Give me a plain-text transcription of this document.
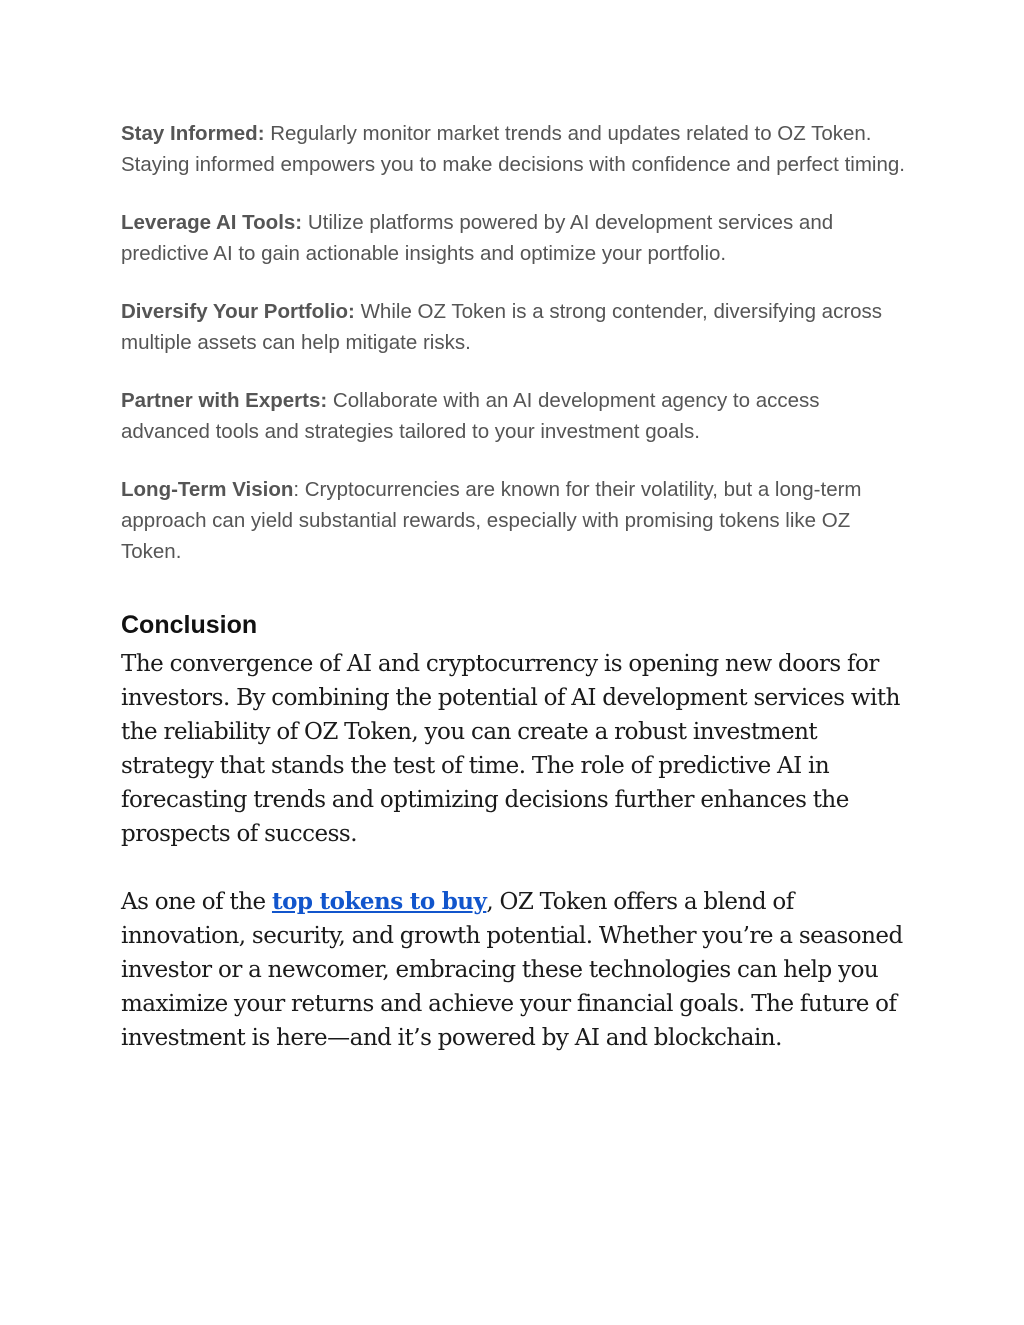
Stay Informed: Regularly monitor market trends and updates related to OZ Token. Staying informed empowers you to make decisions with confidence and perfect timing.

Leverage AI Tools: Utilize platforms powered by AI development services and predictive AI to gain actionable insights and optimize your portfolio.

Diversify Your Portfolio: While OZ Token is a strong contender, diversifying across multiple assets can help mitigate risks.

Partner with Experts: Collaborate with an AI development agency to access advanced tools and strategies tailored to your investment goals.

Long-Term Vision: Cryptocurrencies are known for their volatility, but a long-term approach can yield substantial rewards, especially with promising tokens like OZ Token.

Conclusion

The convergence of AI and cryptocurrency is opening new doors for investors. By combining the potential of AI development services with the reliability of OZ Token, you can create a robust investment strategy that stands the test of time. The role of predictive AI in forecasting trends and optimizing decisions further enhances the prospects of success.

As one of the top tokens to buy, OZ Token offers a blend of innovation, security, and growth potential. Whether you’re a seasoned investor or a newcomer, embracing these technologies can help you maximize your returns and achieve your financial goals. The future of investment is here—and it’s powered by AI and blockchain.
